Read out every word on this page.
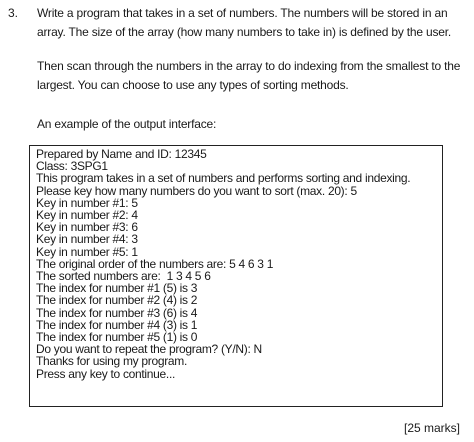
3. Write a program that takes in a set of numbers. The numbers will be stored in an array. The size of the array (how many numbers to take in) is defined by the user.
Then scan through the numbers in the array to do indexing from the smallest to the largest. You can choose to use any types of sorting methods.
An example of the output interface:
Prepared by Name and ID: 12345
Class: 3SPG1
This program takes in a set of numbers and performs sorting and indexing.
Please key how many numbers do you want to sort (max. 20): 5
Key in number #1: 5
Key in number #2: 4
Key in number #3: 6
Key in number #4: 3
Key in number #5: 1
The original order of the numbers are: 5 4 6 3 1
The sorted numbers are:  1 3 4 5 6
The index for number #1 (5) is 3
The index for number #2 (4) is 2
The index for number #3 (6) is 4
The index for number #4 (3) is 1
The index for number #5 (1) is 0
Do you want to repeat the program? (Y/N): N
Thanks for using my program.
Press any key to continue...
[25 marks]
